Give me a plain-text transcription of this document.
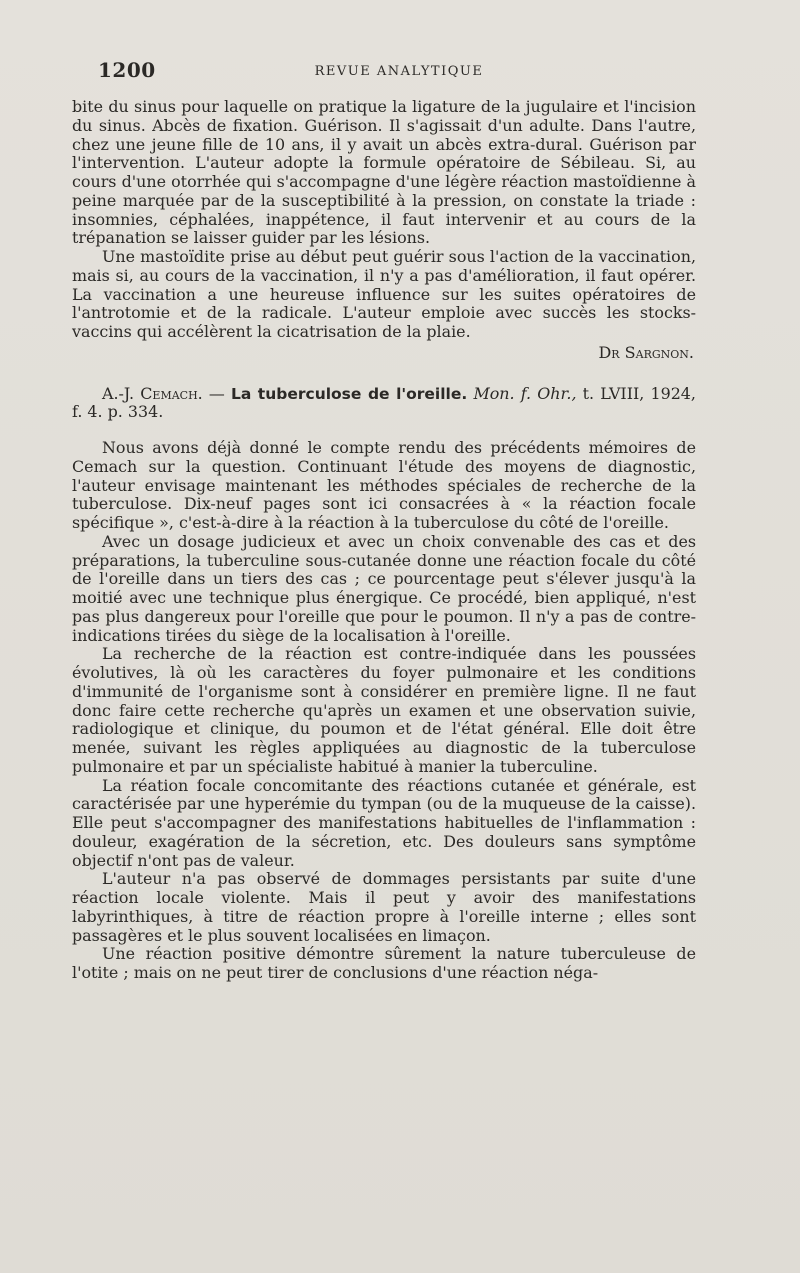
1200	REVUE ANALYTIQUE

bite du sinus pour laquelle on pratique la ligature de la jugulaire et l'incision du sinus. Abcès de fixation. Guérison. Il s'agissait d'un adulte. Dans l'autre, chez une jeune fille de 10 ans, il y avait un abcès extra-dural. Guérison par l'intervention. L'auteur adopte la formule opératoire de Sébileau. Si, au cours d'une otorrhée qui s'accompagne d'une légère réaction mastoïdienne à peine marquée par de la susceptibilité à la pression, on constate la triade : insomnies, céphalées, inappétence, il faut intervenir et au cours de la trépanation se laisser guider par les lésions.

Une mastoïdite prise au début peut guérir sous l'action de la vaccination, mais si, au cours de la vaccination, il n'y a pas d'amélioration, il faut opérer. La vaccination a une heureuse influence sur les suites opératoires de l'antrotomie et de la radicale. L'auteur emploie avec succès les stocks-vaccins qui accélèrent la cicatrisation de la plaie.

Dr Sargnon.

A.-J. Cemach. — La tuberculose de l'oreille. Mon. f. Ohr., t. LVIII, 1924, f. 4. p. 334.

Nous avons déjà donné le compte rendu des précédents mémoires de Cemach sur la question. Continuant l'étude des moyens de diagnostic, l'auteur envisage maintenant les méthodes spéciales de recherche de la tuberculose. Dix-neuf pages sont ici consacrées à « la réaction focale spécifique », c'est-à-dire à la réaction à la tuberculose du côté de l'oreille.

Avec un dosage judicieux et avec un choix convenable des cas et des préparations, la tuberculine sous-cutanée donne une réaction focale du côté de l'oreille dans un tiers des cas ; ce pourcentage peut s'élever jusqu'à la moitié avec une technique plus énergique. Ce procédé, bien appliqué, n'est pas plus dangereux pour l'oreille que pour le poumon. Il n'y a pas de contre-indications tirées du siège de la localisation à l'oreille.

La recherche de la réaction est contre-indiquée dans les poussées évolutives, là où les caractères du foyer pulmonaire et les conditions d'immunité de l'organisme sont à considérer en première ligne. Il ne faut donc faire cette recherche qu'après un examen et une observation suivie, radiologique et clinique, du poumon et de l'état général. Elle doit être menée, suivant les règles appliquées au diagnostic de la tuberculose pulmonaire et par un spécialiste habitué à manier la tuberculine.

La réation focale concomitante des réactions cutanée et générale, est caractérisée par une hyperémie du tympan (ou de la muqueuse de la caisse). Elle peut s'accompagner des manifestations habituelles de l'inflammation : douleur, exagération de la sécretion, etc. Des douleurs sans symptôme objectif n'ont pas de valeur.

L'auteur n'a pas observé de dommages persistants par suite d'une réaction locale violente. Mais il peut y avoir des manifestations labyrinthiques, à titre de réaction propre à l'oreille interne ; elles sont passagères et le plus souvent localisées en limaçon.

Une réaction positive démontre sûrement la nature tuberculeuse de l'otite ; mais on ne peut tirer de conclusions d'une réaction néga-
